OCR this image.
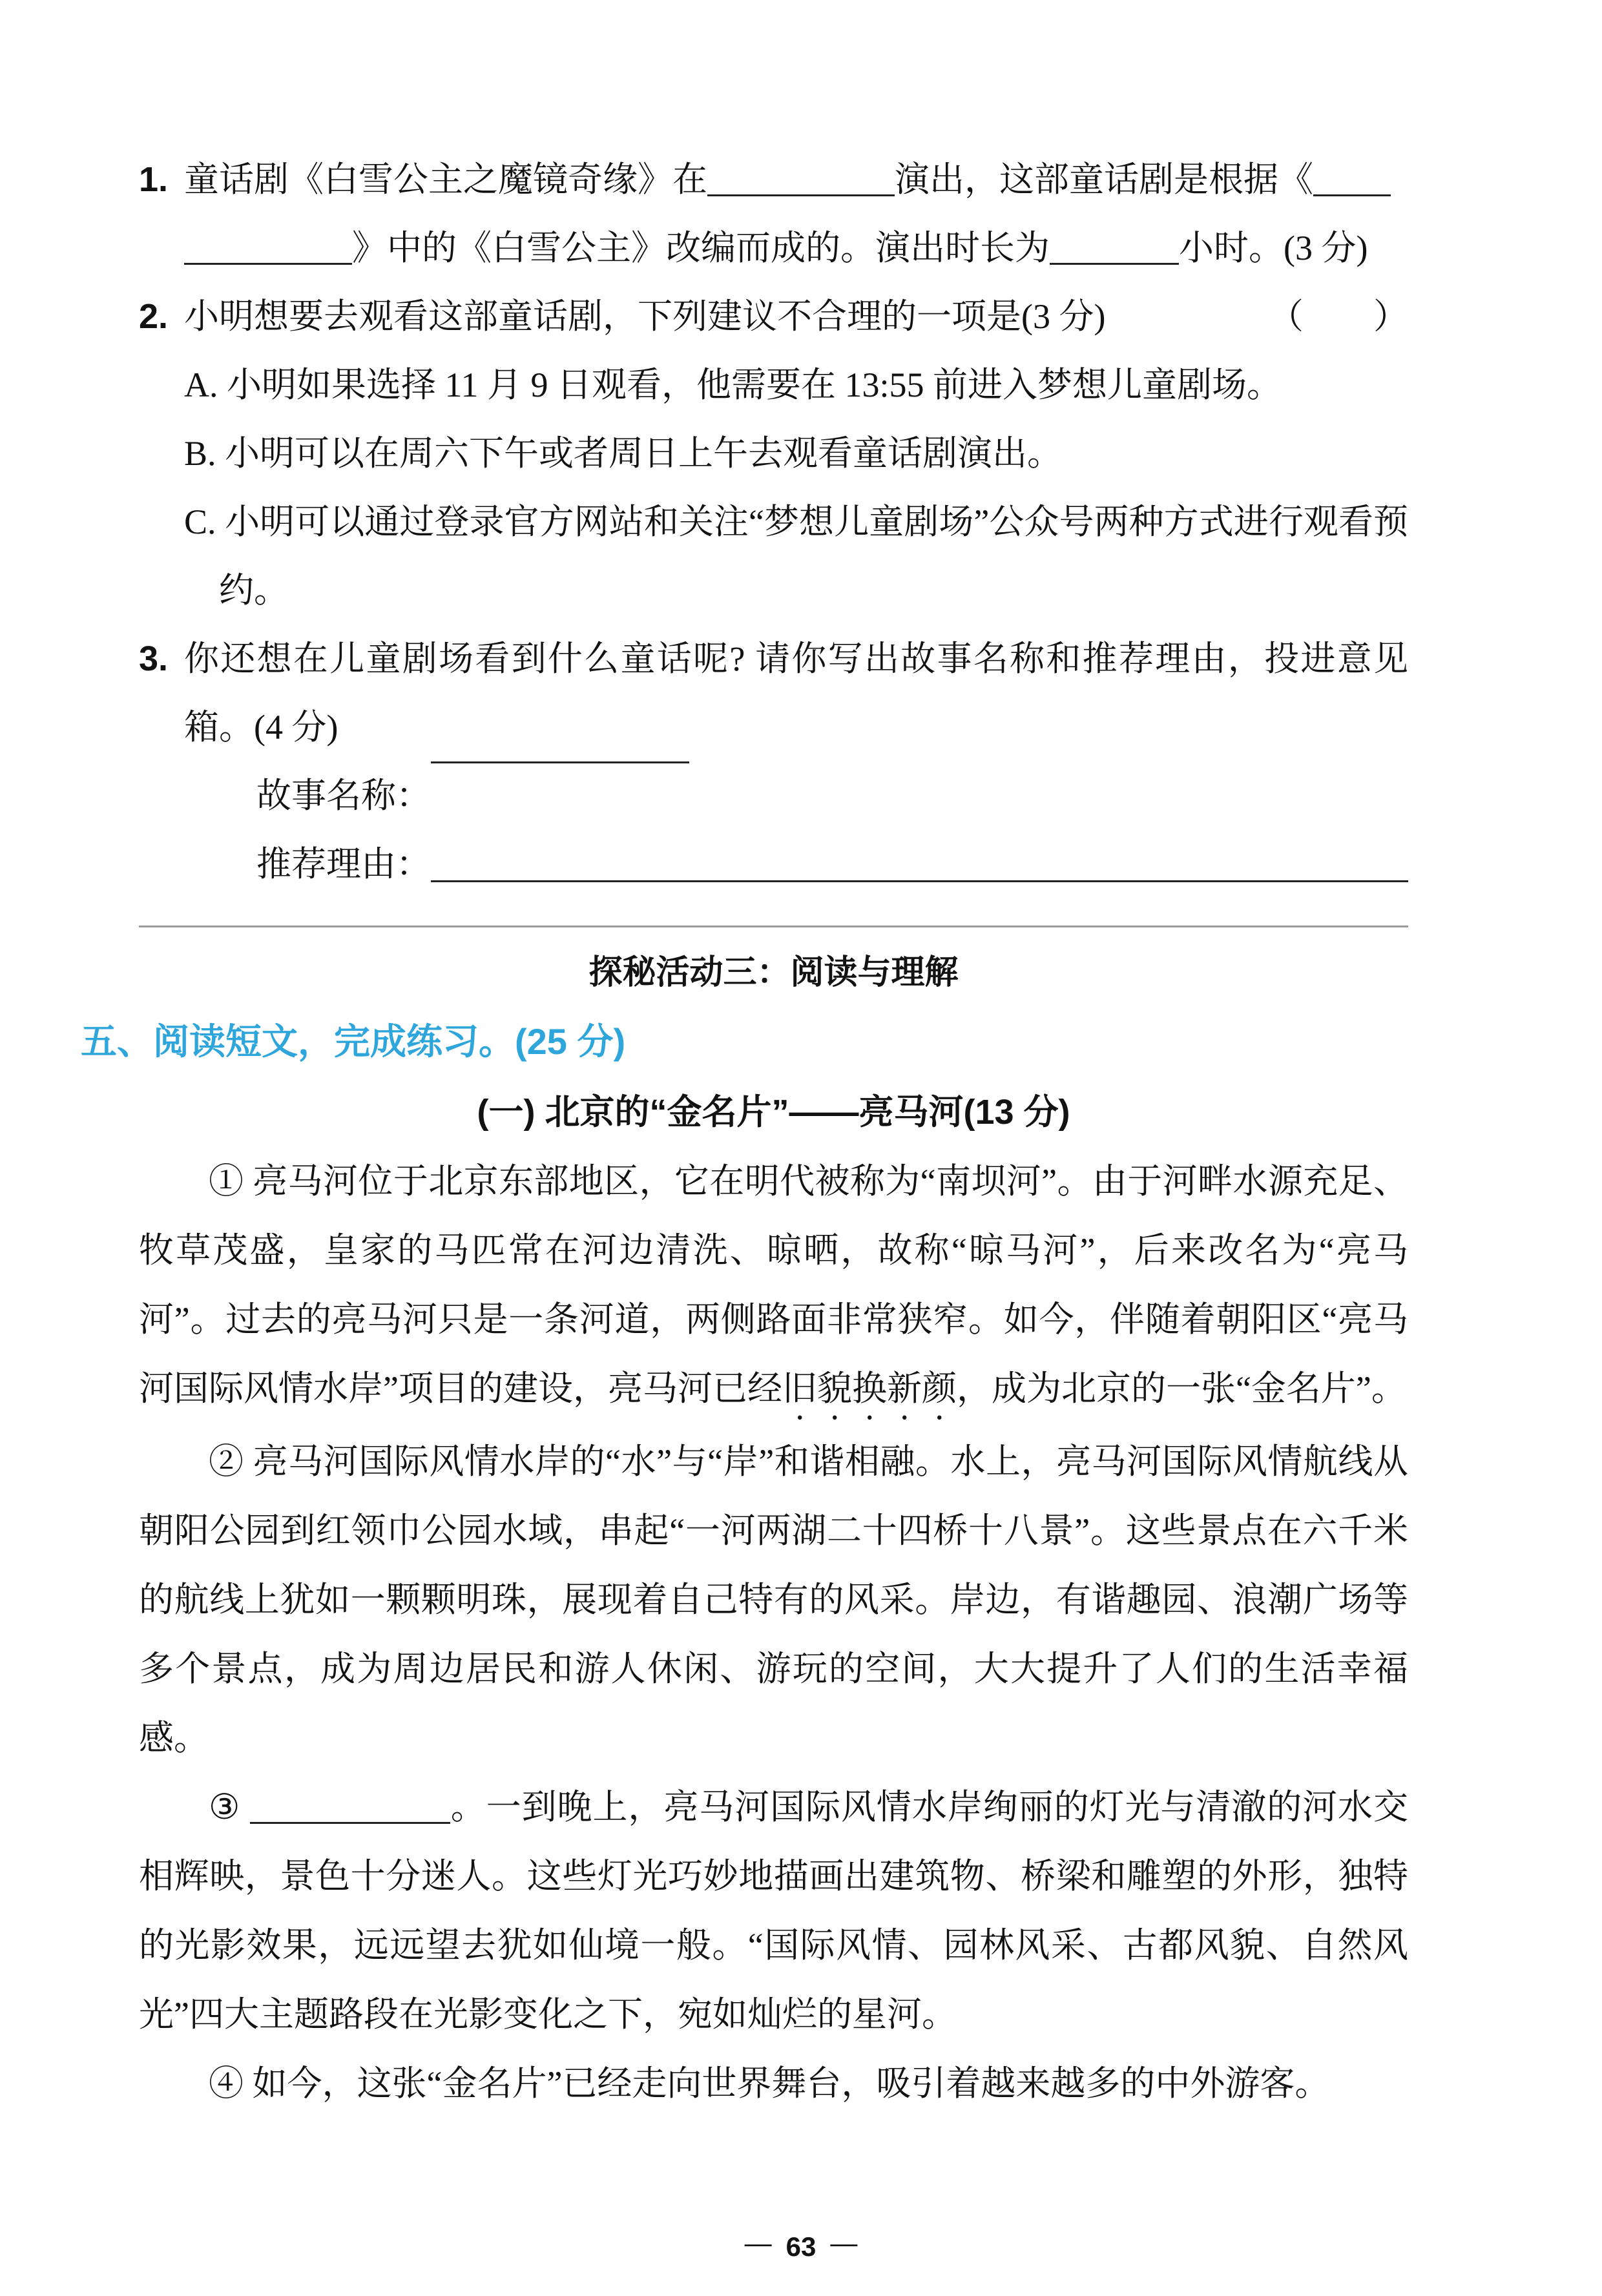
1. 童话剧《白雪公主之魔镜奇缘》在	演出，这部童话剧是根据《
》中的《白雪公主》改编而成的。演出时长为	小时。(3 分)
2. 小明想要去观看这部童话剧，下列建议不合理的一项是(3 分)	（　　）
A. 小明如果选择 11 月 9 日观看，他需要在 13:55 前进入梦想儿童剧场。
B. 小明可以在周六下午或者周日上午去观看童话剧演出。
C. 小明可以通过登录官方网站和关注“梦想儿童剧场”公众号两种方式进行观看预约。
3. 你还想在儿童剧场看到什么童话呢? 请你写出故事名称和推荐理由，投进意见箱。(4 分)
故事名称：
推荐理由：
探秘活动三：阅读与理解
五、阅读短文，完成练习。(25 分)
(一) 北京的“金名片”——亮马河(13 分)

① 亮马河位于北京东部地区，它在明代被称为“南坝河”。由于河畔水源充足、牧草茂盛，皇家的马匹常在河边清洗、晾晒，故称“晾马河”，后来改名为“亮马河”。过去的亮马河只是一条河道，两侧路面非常狭窄。如今，伴随着朝阳区“亮马河国际风情水岸”项目的建设，亮马河已经旧貌换新颜，成为北京的一张“金名片”。

② 亮马河国际风情水岸的“水”与“岸”和谐相融。水上，亮马河国际风情航线从朝阳公园到红领巾公园水域，串起“一河两湖二十四桥十八景”。这些景点在六千米的航线上犹如一颗颗明珠，展现着自己特有的风采。岸边，有谐趣园、浪潮广场等多个景点，成为周边居民和游人休闲、游玩的空间，大大提升了人们的生活幸福感。

③	。一到晚上，亮马河国际风情水岸绚丽的灯光与清澈的河水交相辉映，景色十分迷人。这些灯光巧妙地描画出建筑物、桥梁和雕塑的外形，独特的光影效果，远远望去犹如仙境一般。“国际风情、园林风采、古都风貌、自然风光”四大主题路段在光影变化之下，宛如灿烂的星河。

④ 如今，这张“金名片”已经走向世界舞台，吸引着越来越多的中外游客。

— 63 —
